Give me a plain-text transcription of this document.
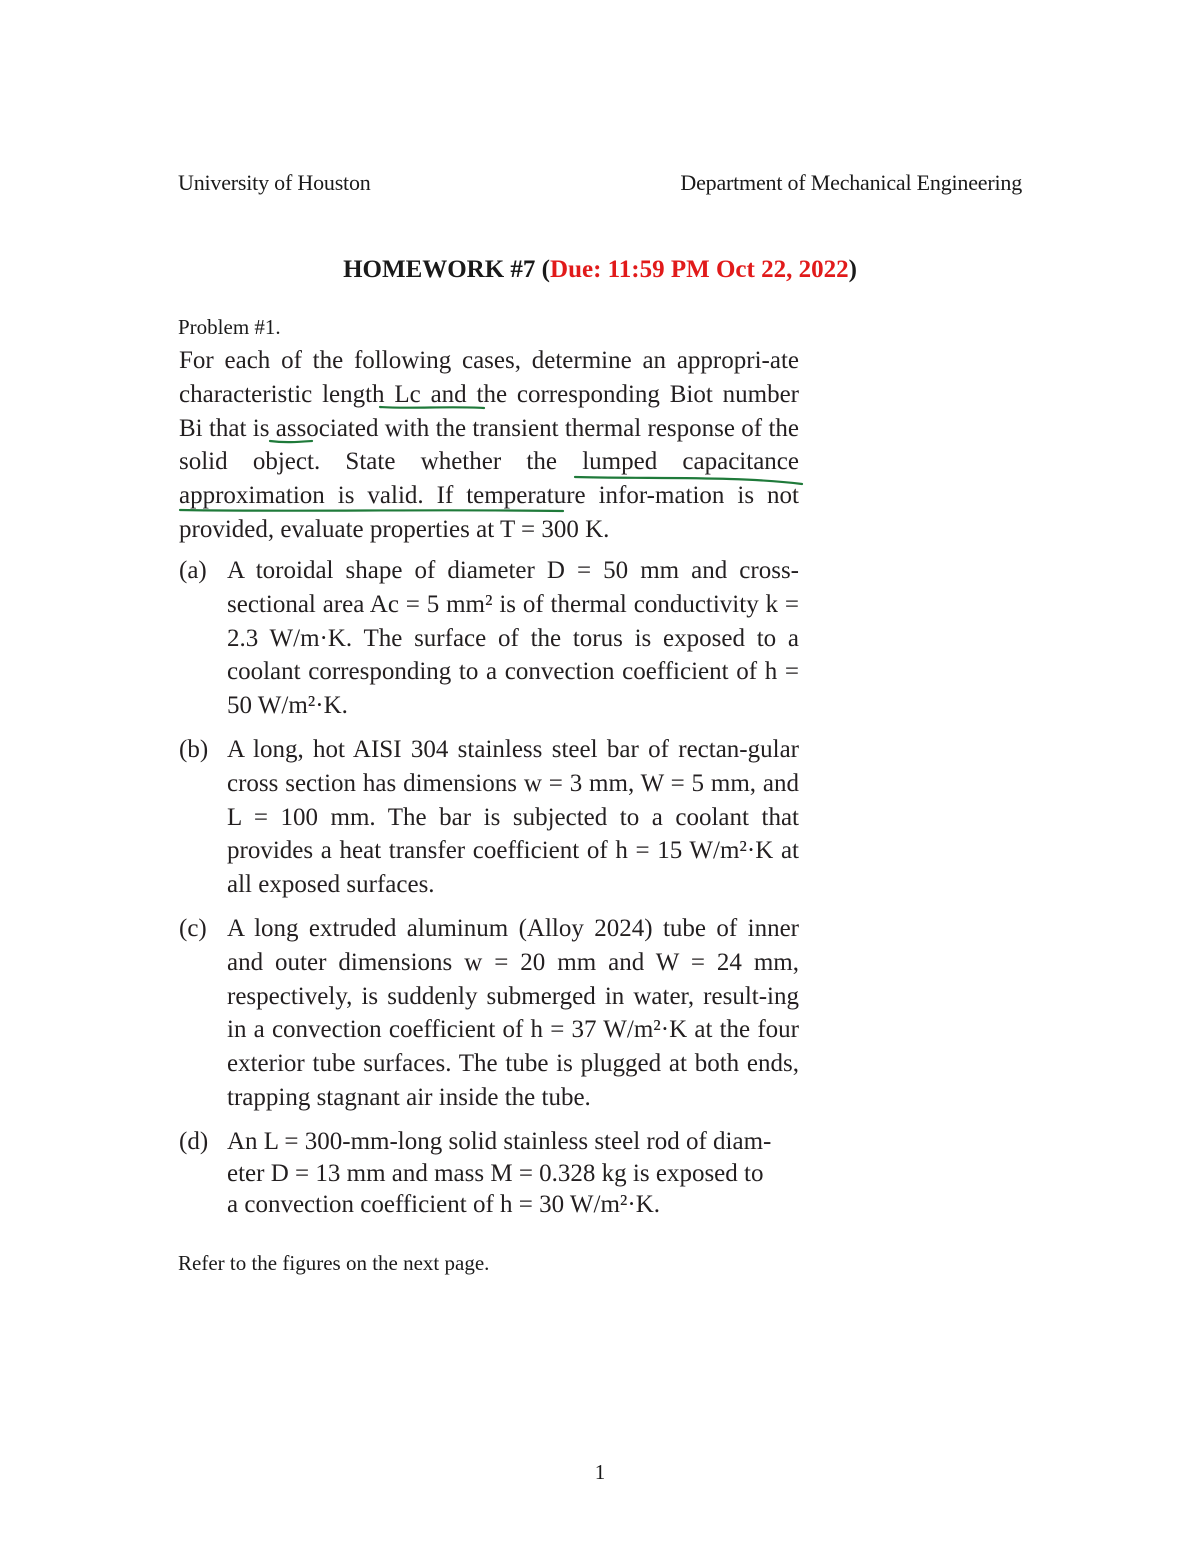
University of Houston	Department of Mechanical Engineering
HOMEWORK #7 (Due: 11:59 PM Oct 22, 2022)
Problem #1.
For each of the following cases, determine an appropri-ate characteristic length Lc and the corresponding Biot number Bi that is associated with the transient thermal response of the solid object. State whether the lumped capacitance approximation is valid. If temperature infor-mation is not provided, evaluate properties at T = 300 K.
(a) A toroidal shape of diameter D = 50 mm and cross-sectional area Ac = 5 mm² is of thermal conductivity k = 2.3 W/m·K. The surface of the torus is exposed to a coolant corresponding to a convection coefficient of h = 50 W/m²·K.
(b) A long, hot AISI 304 stainless steel bar of rectan-gular cross section has dimensions w = 3 mm, W = 5 mm, and L = 100 mm. The bar is subjected to a coolant that provides a heat transfer coefficient of h = 15 W/m²·K at all exposed surfaces.
(c) A long extruded aluminum (Alloy 2024) tube of inner and outer dimensions w = 20 mm and W = 24 mm, respectively, is suddenly submerged in water, result-ing in a convection coefficient of h = 37 W/m²·K at the four exterior tube surfaces. The tube is plugged at both ends, trapping stagnant air inside the tube.
(d) An L = 300-mm-long solid stainless steel rod of diam-eter D = 13 mm and mass M = 0.328 kg is exposed to a convection coefficient of h = 30 W/m²·K.
Refer to the figures on the next page.
1
